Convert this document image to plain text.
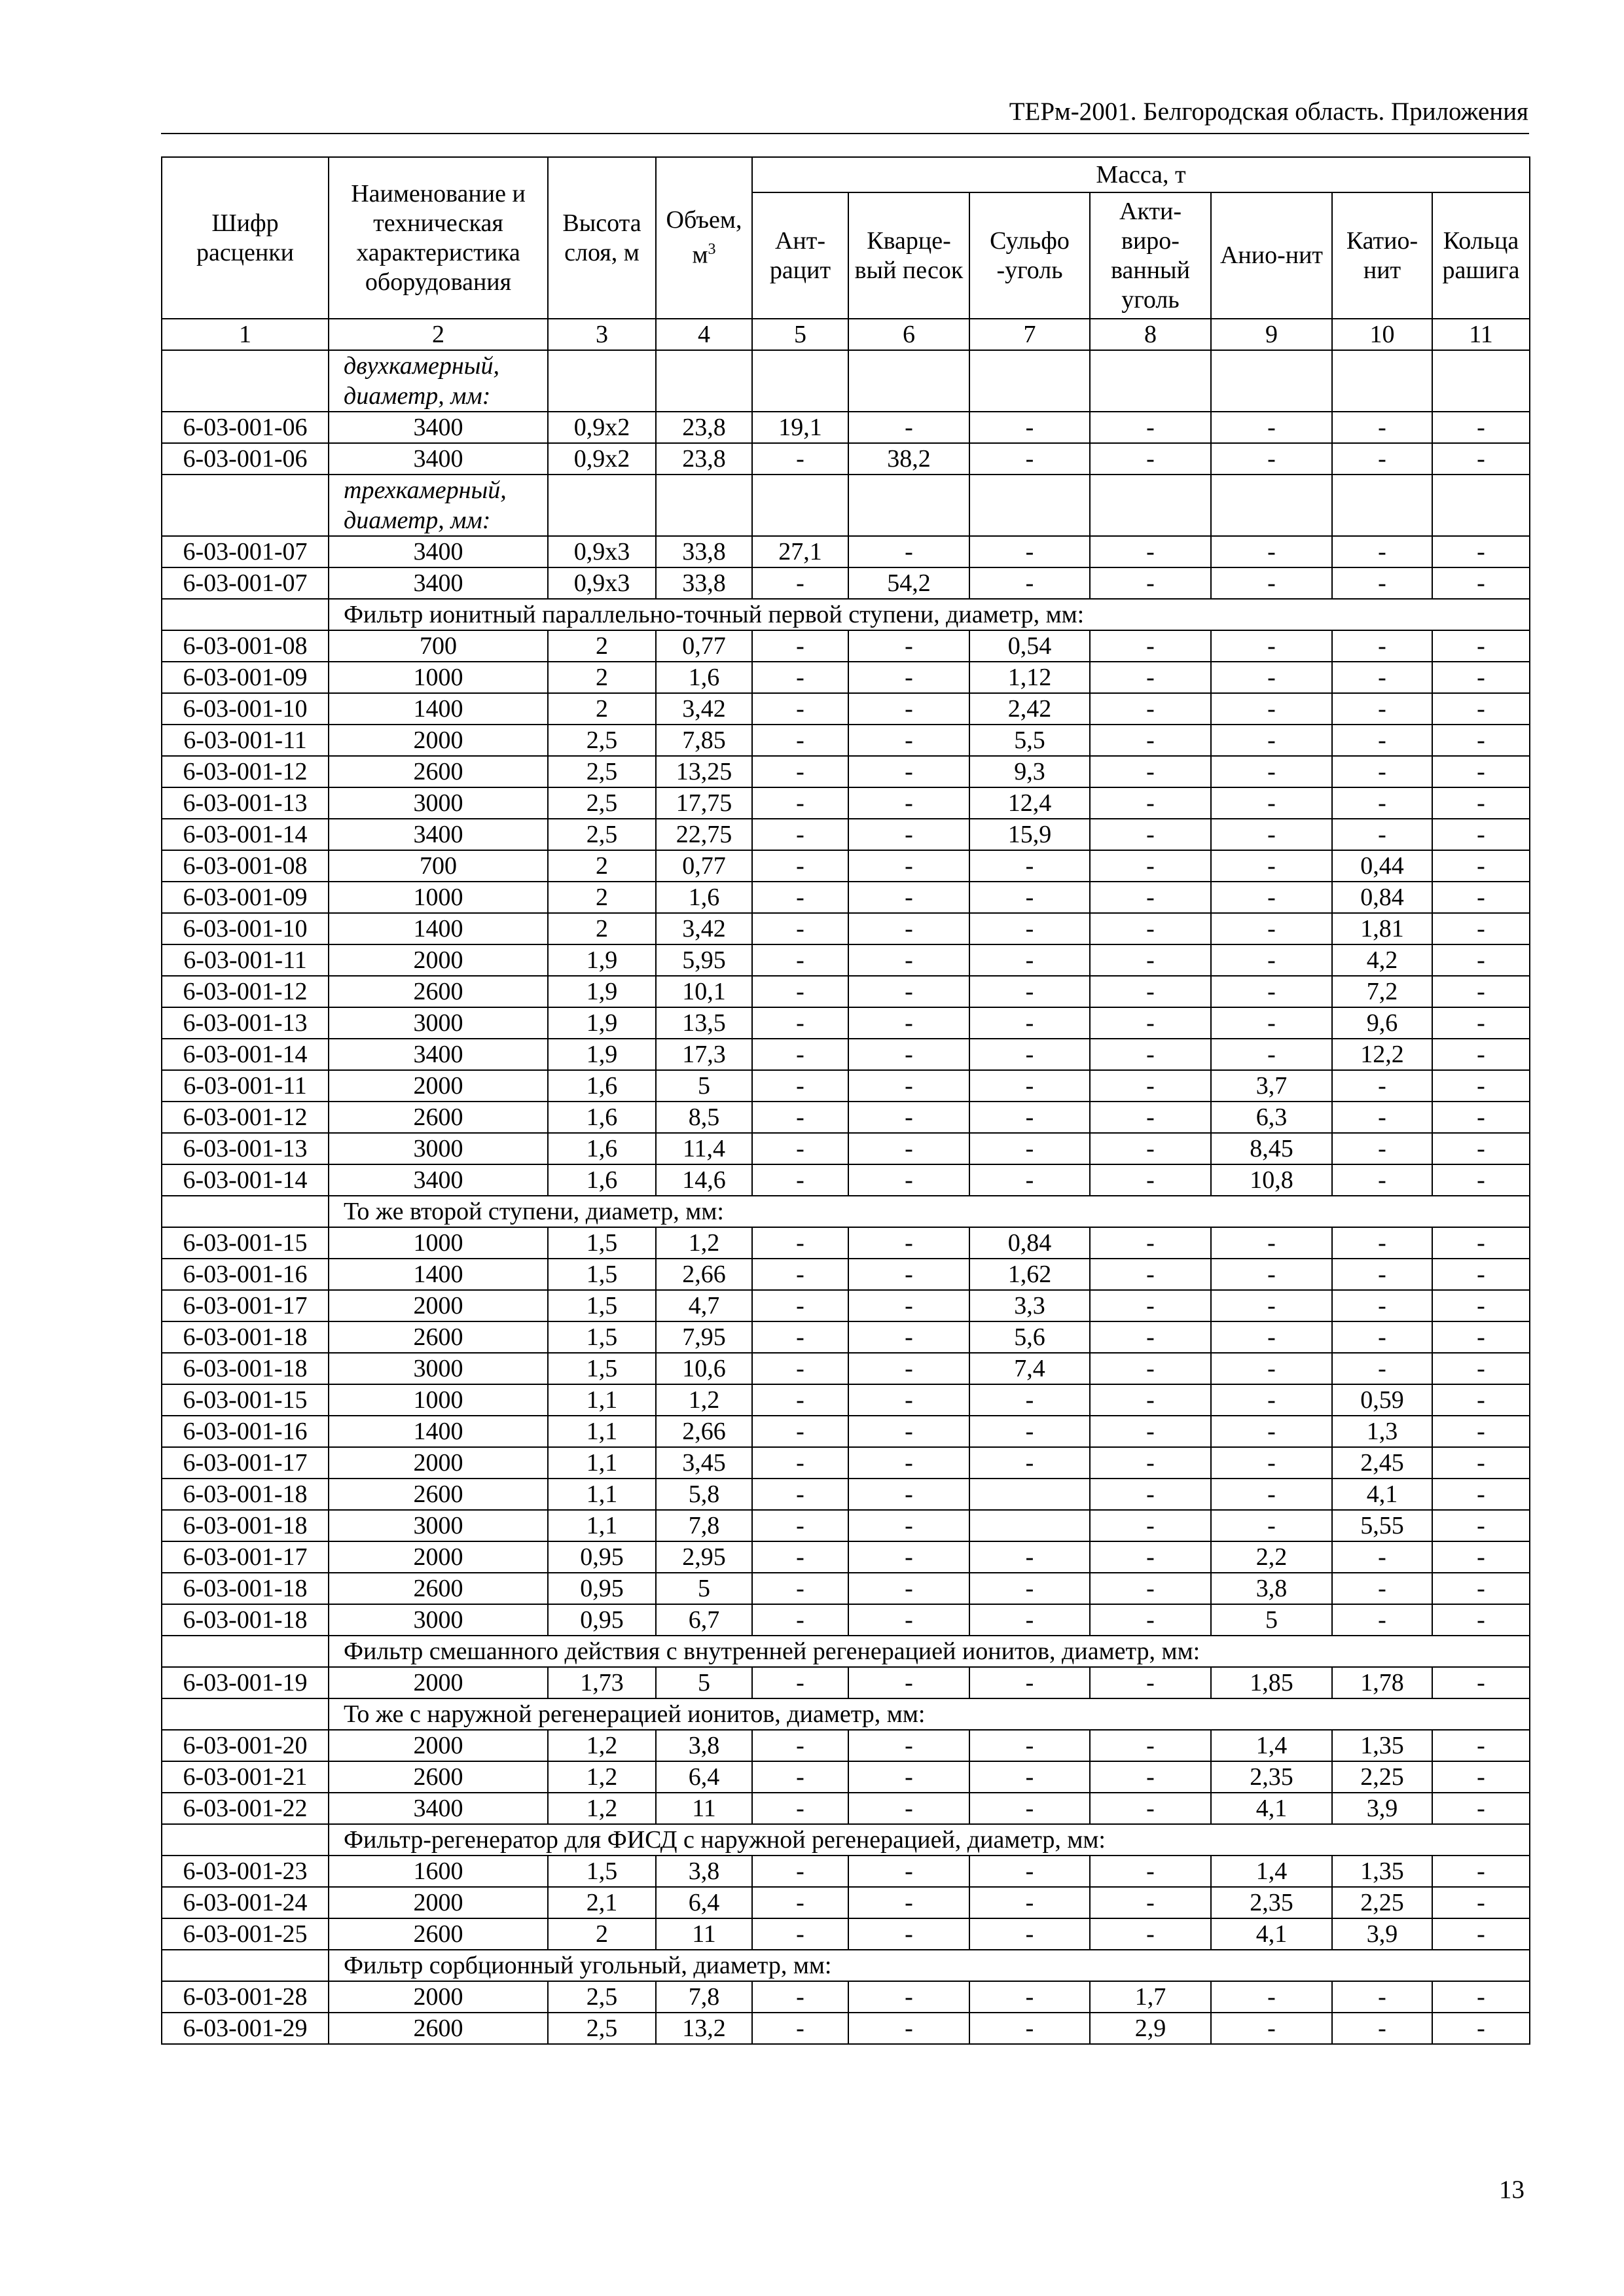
ТЕРм-2001. Белгородская область. Приложения
Шифр расценки	Наименование и техническая характеристика оборудования	Высота слоя, м	Объем, $м^3$	Масса, т						
				Ант-рацит	Кварце-вый песок	Сульфо -уголь	Акти-виро-ванный уголь	Анио-нит	Катио-нит	Кольца рашига
1	2	3	4	5	6	7	8	9	10	11
	двухкамерный, диаметр, мм:									
6-03-001-06	3400	0,9х2	23,8	19,1	-	-	-	-	-	-
6-03-001-06	3400	0,9х2	23,8	-	38,2	-	-	-	-	-
	трехкамерный, диаметр, мм:									
6-03-001-07	3400	0,9х3	33,8	27,1	-	-	-	-	-	-
6-03-001-07	3400	0,9х3	33,8	-	54,2	-	-	-	-	-
	Фильтр ионитный параллельно-точный первой ступени, диаметр, мм:									
6-03-001-08	700	2	0,77	-	-	0,54	-	-	-	-
6-03-001-09	1000	2	1,6	-	-	1,12	-	-	-	-
6-03-001-10	1400	2	3,42	-	-	2,42	-	-	-	-
6-03-001-11	2000	2,5	7,85	-	-	5,5	-	-	-	-
6-03-001-12	2600	2,5	13,25	-	-	9,3	-	-	-	-
6-03-001-13	3000	2,5	17,75	-	-	12,4	-	-	-	-
6-03-001-14	3400	2,5	22,75	-	-	15,9	-	-	-	-
6-03-001-08	700	2	0,77	-	-	-	-	-	0,44	-
6-03-001-09	1000	2	1,6	-	-	-	-	-	0,84	-
6-03-001-10	1400	2	3,42	-	-	-	-	-	1,81	-
6-03-001-11	2000	1,9	5,95	-	-	-	-	-	4,2	-
6-03-001-12	2600	1,9	10,1	-	-	-	-	-	7,2	-
6-03-001-13	3000	1,9	13,5	-	-	-	-	-	9,6	-
6-03-001-14	3400	1,9	17,3	-	-	-	-	-	12,2	-
6-03-001-11	2000	1,6	5	-	-	-	-	3,7	-	-
6-03-001-12	2600	1,6	8,5	-	-	-	-	6,3	-	-
6-03-001-13	3000	1,6	11,4	-	-	-	-	8,45	-	-
6-03-001-14	3400	1,6	14,6	-	-	-	-	10,8	-	-
	То же второй ступени, диаметр, мм:									
6-03-001-15	1000	1,5	1,2	-	-	0,84	-	-	-	-
6-03-001-16	1400	1,5	2,66	-	-	1,62	-	-	-	-
6-03-001-17	2000	1,5	4,7	-	-	3,3	-	-	-	-
6-03-001-18	2600	1,5	7,95	-	-	5,6	-	-	-	-
6-03-001-18	3000	1,5	10,6	-	-	7,4	-	-	-	-
6-03-001-15	1000	1,1	1,2	-	-	-	-	-	0,59	-
6-03-001-16	1400	1,1	2,66	-	-	-	-	-	1,3	-
6-03-001-17	2000	1,1	3,45	-	-	-	-	-	2,45	-
6-03-001-18	2600	1,1	5,8	-	-		-	-	4,1	-
6-03-001-18	3000	1,1	7,8	-	-		-	-	5,55	-
6-03-001-17	2000	0,95	2,95	-	-	-	-	2,2	-	-
6-03-001-18	2600	0,95	5	-	-	-	-	3,8	-	-
6-03-001-18	3000	0,95	6,7	-	-	-	-	5	-	-
	Фильтр смешанного действия с внутренней регенерацией ионитов, диаметр, мм:									
6-03-001-19	2000	1,73	5	-	-	-	-	1,85	1,78	-
	То же с наружной регенерацией ионитов, диаметр, мм:									
6-03-001-20	2000	1,2	3,8	-	-	-	-	1,4	1,35	-
6-03-001-21	2600	1,2	6,4	-	-	-	-	2,35	2,25	-
6-03-001-22	3400	1,2	11	-	-	-	-	4,1	3,9	-
	Фильтр-регенератор для ФИСД с наружной регенерацией, диаметр, мм:									
6-03-001-23	1600	1,5	3,8	-	-	-	-	1,4	1,35	-
6-03-001-24	2000	2,1	6,4	-	-	-	-	2,35	2,25	-
6-03-001-25	2600	2	11	-	-	-	-	4,1	3,9	-
	Фильтр сорбционный угольный, диаметр, мм:									
6-03-001-28	2000	2,5	7,8	-	-	-	1,7	-	-	-
6-03-001-29	2600	2,5	13,2	-	-	-	2,9	-	-	-
13
